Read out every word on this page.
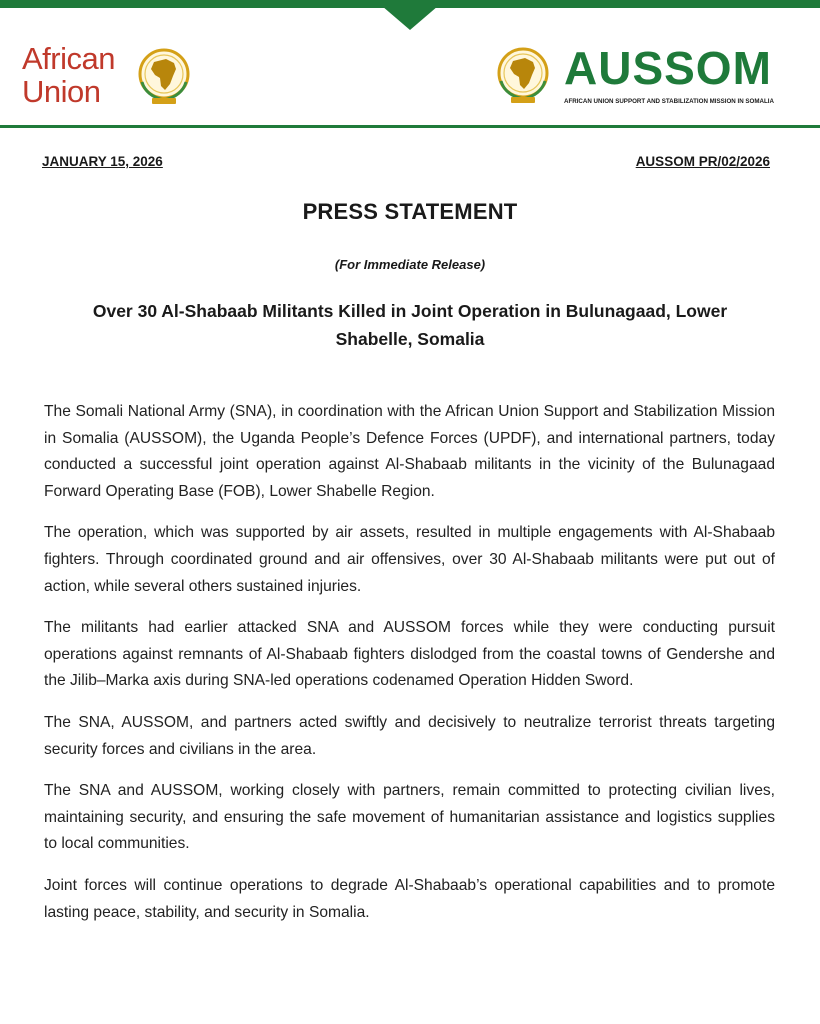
African
Union	AUSSOM
AFRICAN UNION SUPPORT AND STABILIZATION MISSION IN SOMALIA
JANUARY 15, 2026	AUSSOM PR/02/2026
PRESS STATEMENT
(For Immediate Release)
Over 30 Al-Shabaab Militants Killed in Joint Operation in Bulunagaad, Lower Shabelle, Somalia

The Somali National Army (SNA), in coordination with the African Union Support and Stabilization Mission in Somalia (AUSSOM), the Uganda People’s Defence Forces (UPDF), and international partners, today conducted a successful joint operation against Al-Shabaab militants in the vicinity of the Bulunagaad Forward Operating Base (FOB), Lower Shabelle Region.

The operation, which was supported by air assets, resulted in multiple engagements with Al-Shabaab fighters. Through coordinated ground and air offensives, over 30 Al-Shabaab militants were put out of action, while several others sustained injuries.

The militants had earlier attacked SNA and AUSSOM forces while they were conducting pursuit operations against remnants of Al-Shabaab fighters dislodged from the coastal towns of Gendershe and the Jilib–Marka axis during SNA-led operations codenamed Operation Hidden Sword.

The SNA, AUSSOM, and partners acted swiftly and decisively to neutralize terrorist threats targeting security forces and civilians in the area.

The SNA and AUSSOM, working closely with partners, remain committed to protecting civilian lives, maintaining security, and ensuring the safe movement of humanitarian assistance and logistics supplies to local communities.

Joint forces will continue operations to degrade Al-Shabaab’s operational capabilities and to promote lasting peace, stability, and security in Somalia.
